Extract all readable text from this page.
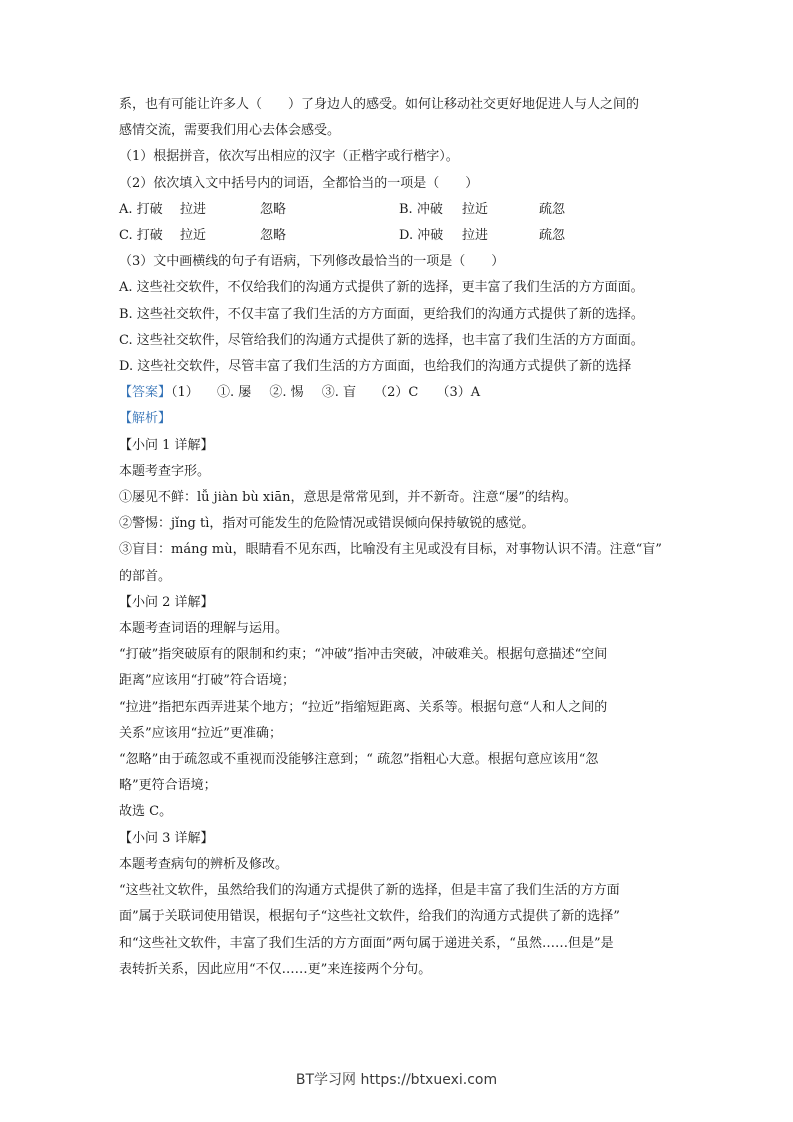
系，也有可能让许多人（　　）了身边人的感受。如何让移动社交更好地促进人与人之间的
感情交流，需要我们用心去体会感受。
（1）根据拼音，依次写出相应的汉字（正楷字或行楷字）。
（2）依次填入文中括号内的词语，全都恰当的一项是（　　）
A. 打破	拉进	忽略	B. 冲破	拉近	疏忽
C. 打破	拉近	忽略	D. 冲破	拉进	疏忽
（3）文中画横线的句子有语病，下列修改最恰当的一项是（　　）
A. 这些社交软件，不仅给我们的沟通方式提供了新的选择，更丰富了我们生活的方方面面。
B. 这些社交软件，不仅丰富了我们生活的方方面面，更给我们的沟通方式提供了新的选择。
C. 这些社交软件，尽管给我们的沟通方式提供了新的选择，也丰富了我们生活的方方面面。
D. 这些社交软件，尽管丰富了我们生活的方方面面，也给我们的沟通方式提供了新的选择
【答案】（1） ①. 屡 ②. 惕 ③. 盲 （2）C （3）A
【解析】
【小问 1 详解】
本题考查字形。
①屡见不鲜：lǚ jiàn bù xiān，意思是常常见到，并不新奇。注意“屡”的结构。
②警惕：jǐng tì，指对可能发生的危险情况或错误倾向保持敏锐的感觉。
③盲目：máng mù，眼睛看不见东西，比喻没有主见或没有目标，对事物认识不清。注意“盲”
的部首。
【小问 2 详解】
本题考查词语的理解与运用。
“打破”指突破原有的限制和约束；“冲破”指冲击突破，冲破难关。根据句意描述“空间
距离”应该用“打破”符合语境；
“拉进”指把东西弄进某个地方；“拉近”指缩短距离、关系等。根据句意“人和人之间的
关系”应该用“拉近”更准确；
“忽略”由于疏忽或不重视而没能够注意到；“ 疏忽”指粗心大意。根据句意应该用“忽
略”更符合语境；
故选 C。
【小问 3 详解】
本题考查病句的辨析及修改。
“这些社文软件，虽然给我们的沟通方式提供了新的选择，但是丰富了我们生活的方方面
面”属于关联词使用错误，根据句子“这些社文软件，给我们的沟通方式提供了新的选择”
和“这些社文软件，丰富了我们生活的方方面面”两句属于递进关系，“虽然……但是”是
表转折关系，因此应用“不仅……更”来连接两个分句。
BT学习网 https://btxuexi.com
